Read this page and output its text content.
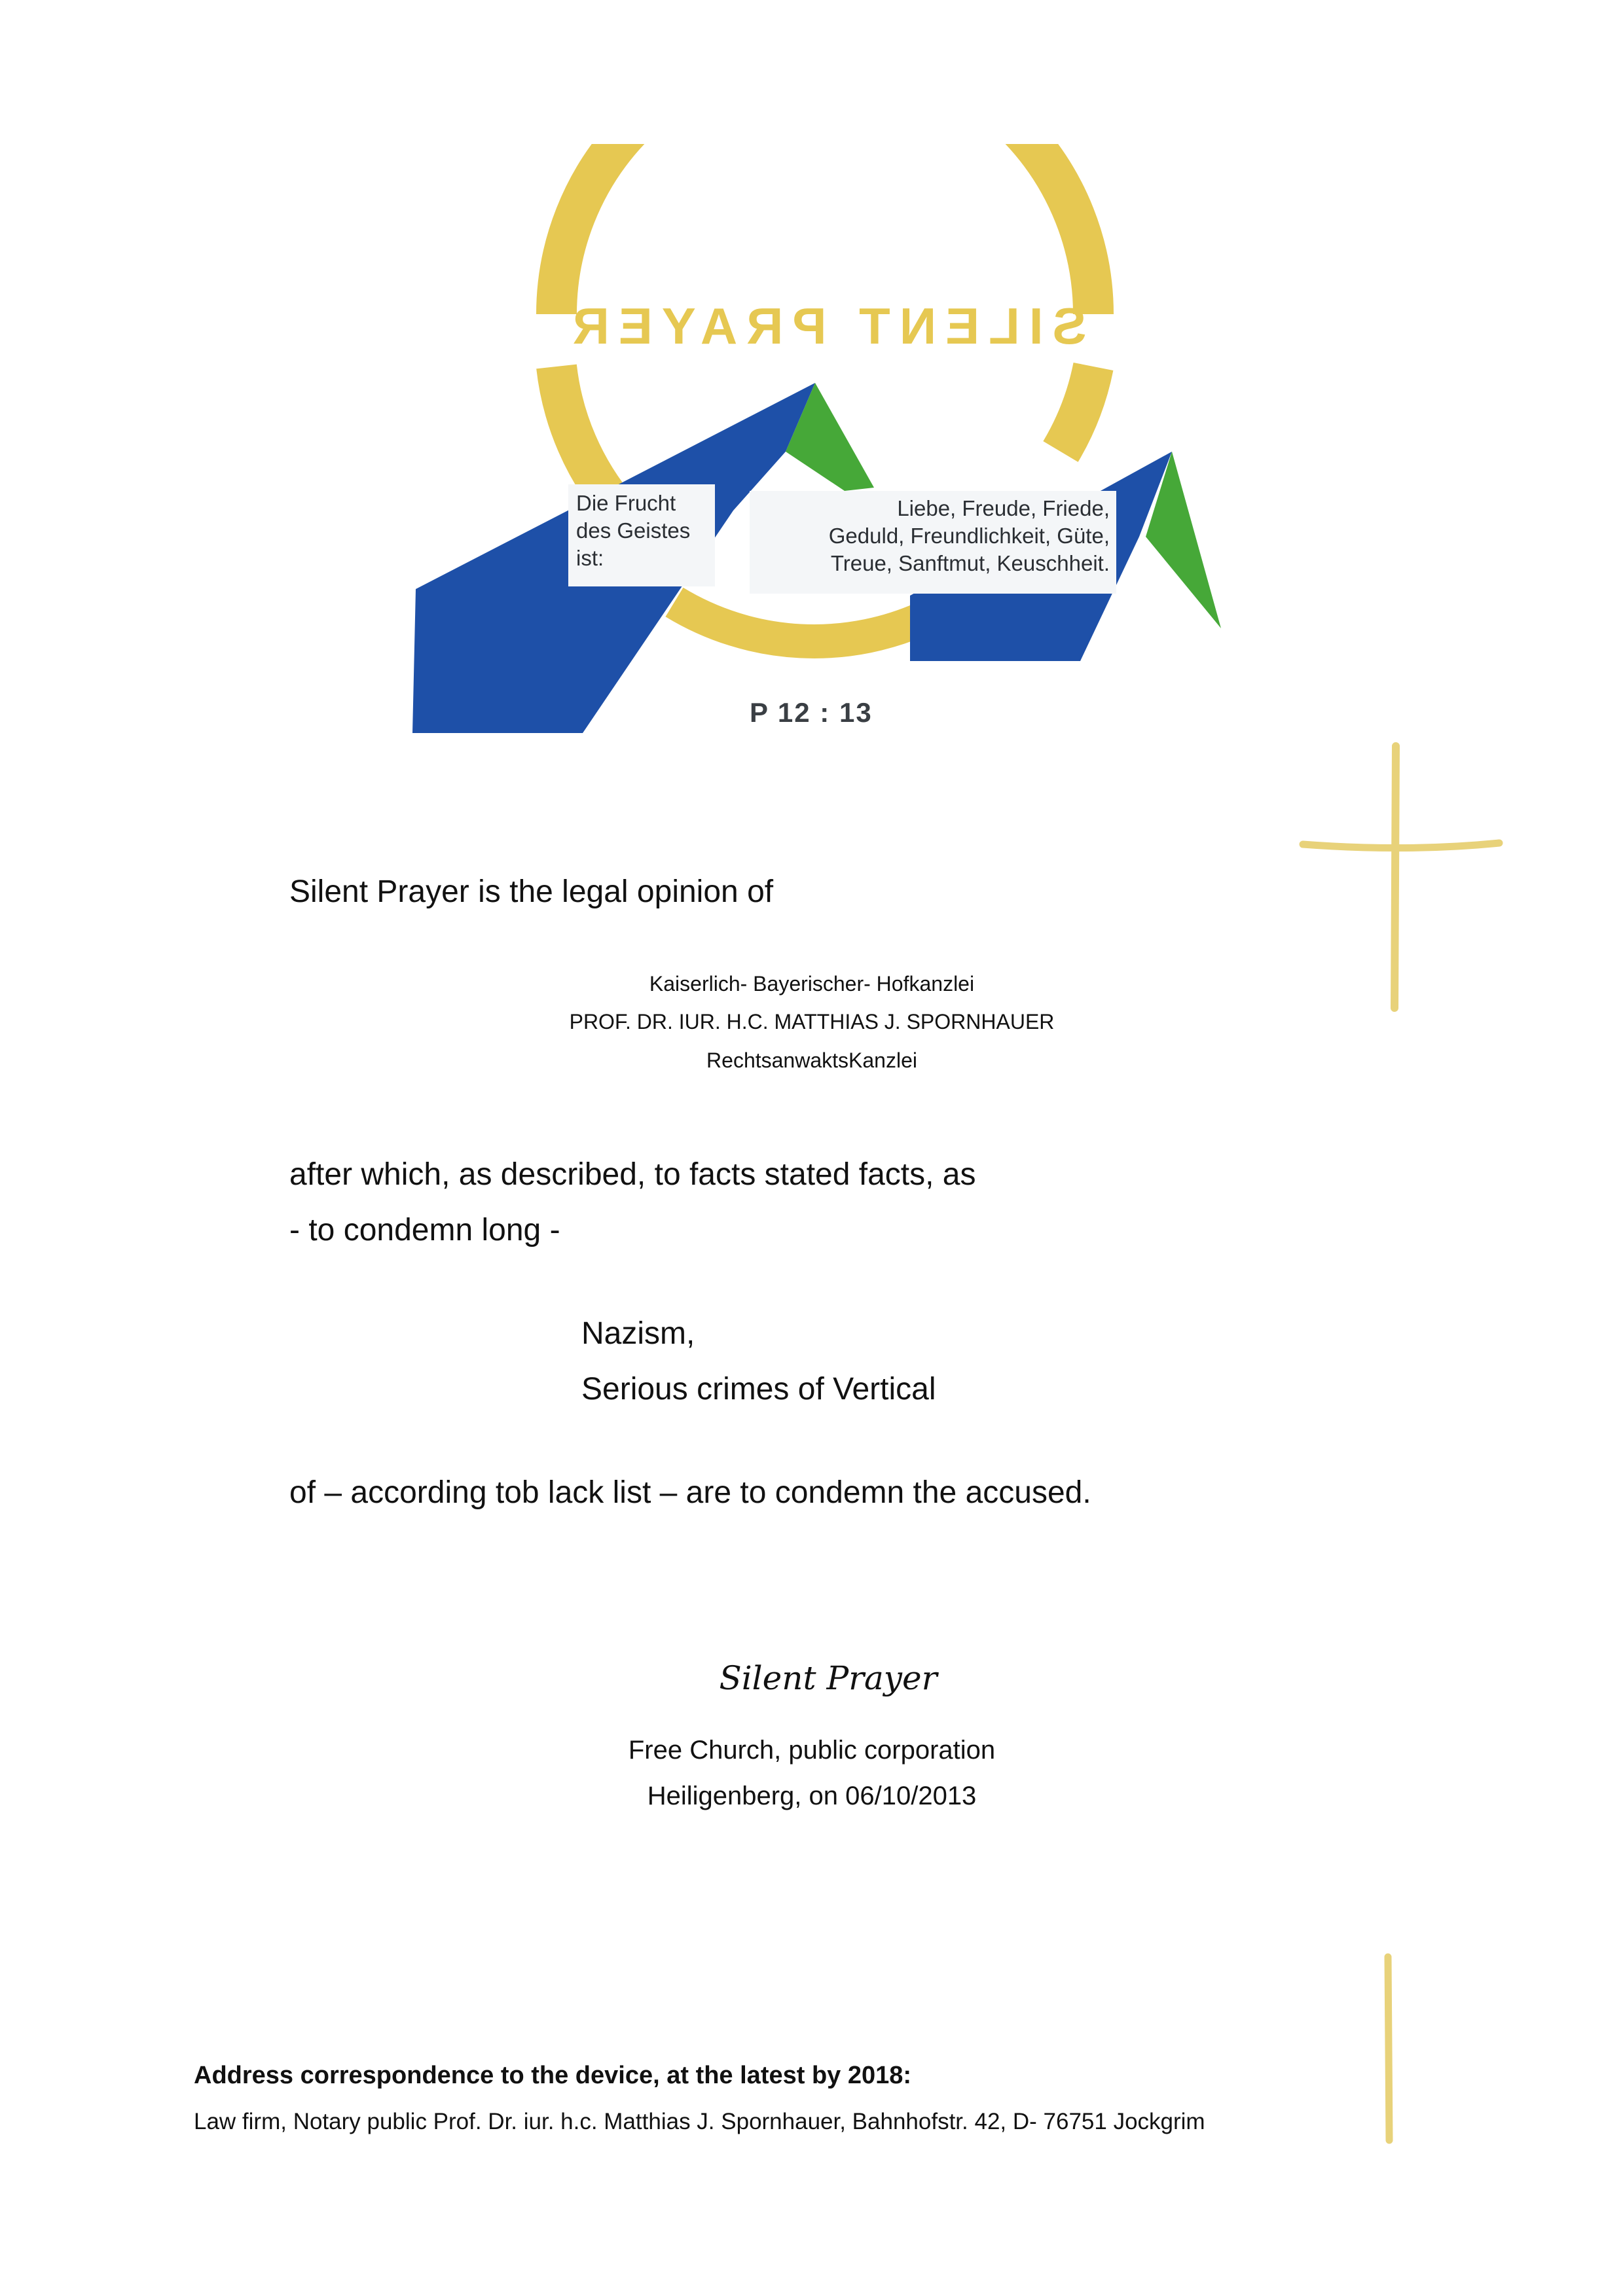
SILENT PRAYER
Die Frucht
des Geistes
ist:
Liebe, Freude, Friede,
Geduld, Freundlichkeit, Güte,
Treue, Sanftmut, Keuschheit.
P 12 : 13
Silent Prayer is the legal opinion of
Kaiserlich- Bayerischer- Hofkanzlei
PROF. DR. IUR. H.C. MATTHIAS J. SPORNHAUER
RechtsanwaktsKanzlei
after which, as described, to facts stated facts, as
- to condemn long -
Nazism,
Serious crimes of Vertical
of – according tob lack list – are to condemn the accused.
Silent Prayer
Free Church, public corporation
Heiligenberg, on 06/10/2013
Address correspondence to the device, at the latest by 2018:
Law firm, Notary public Prof. Dr. iur. h.c. Matthias J. Spornhauer, Bahnhofstr. 42, D- 76751 Jockgrim
